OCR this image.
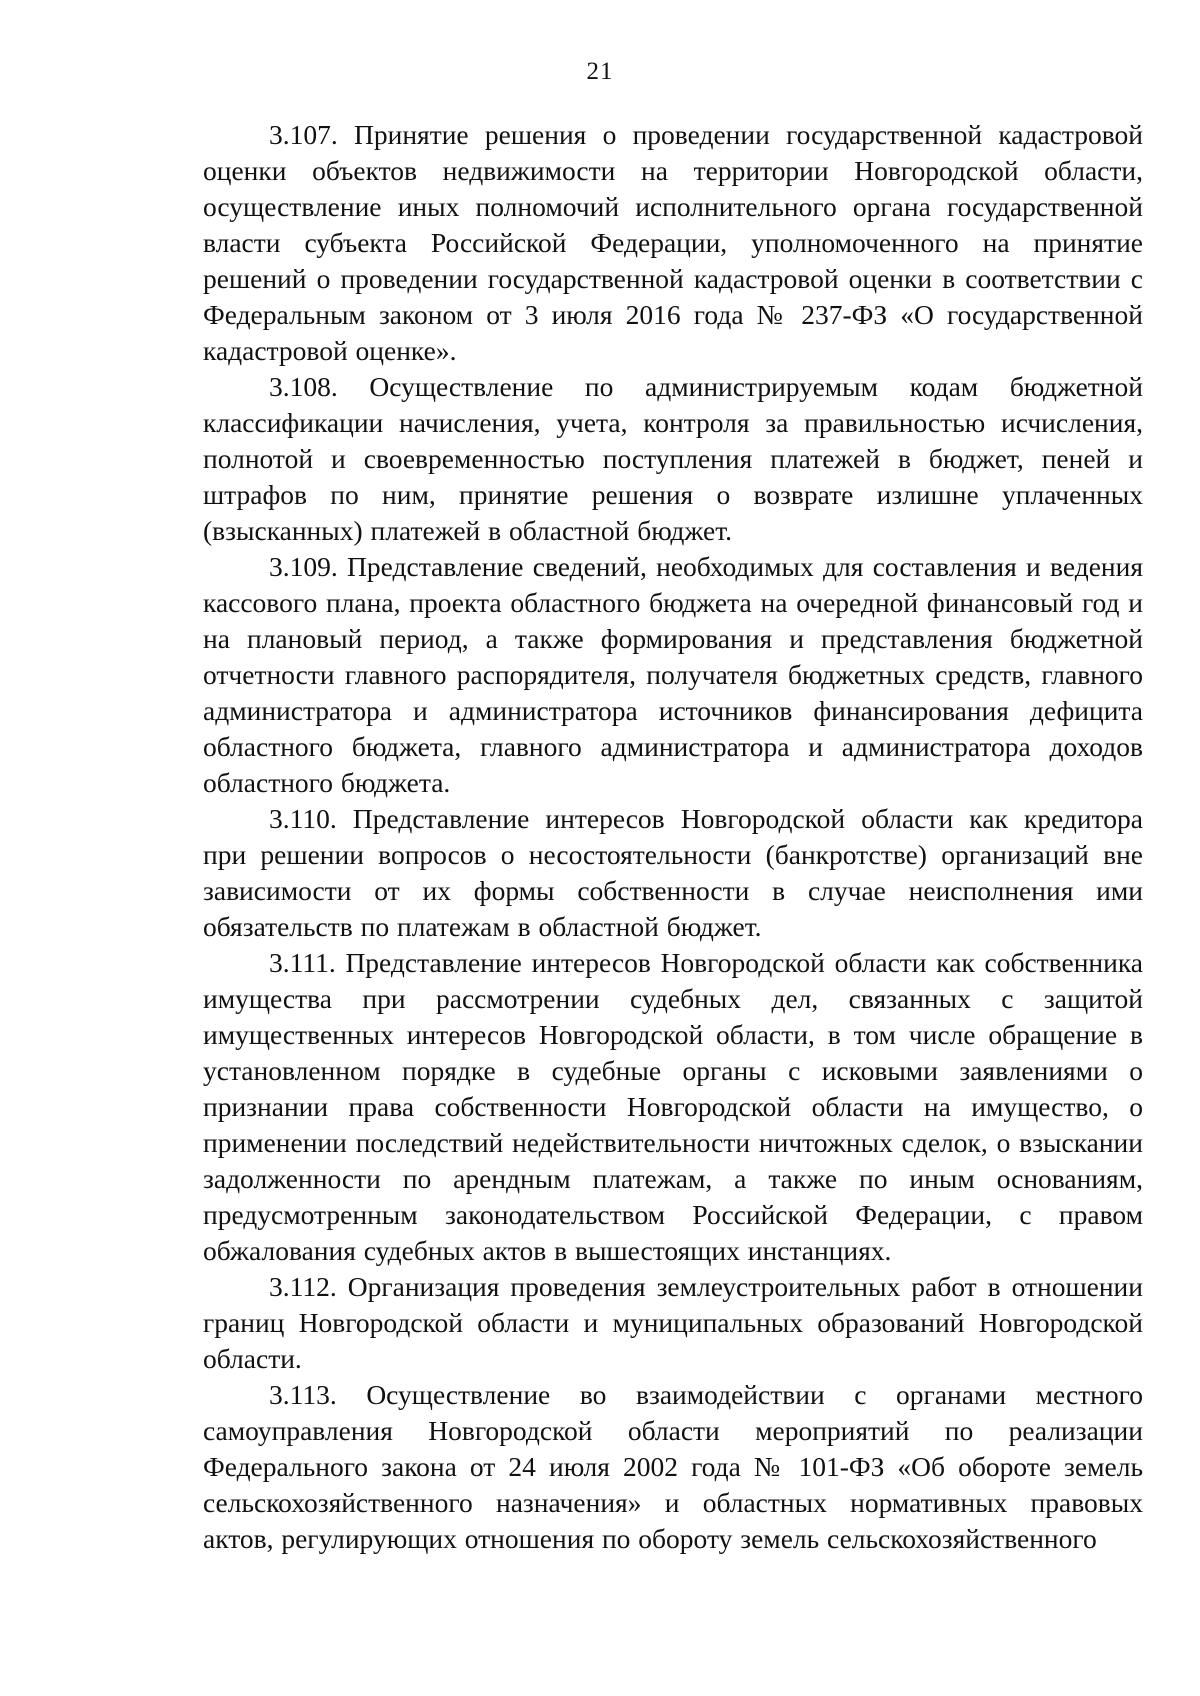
21

3.107. Принятие решения о проведении государственной кадастровой оценки объектов недвижимости на территории Новгородской области, осуществление иных полномочий исполнительного органа государственной власти субъекта Российской Федерации, уполномоченного на принятие решений о проведении государственной кадастровой оценки в соответствии с Федеральным законом от 3 июля 2016 года № 237-ФЗ «О государственной кадастровой оценке».

3.108. Осуществление по администрируемым кодам бюджетной классификации начисления, учета, контроля за правильностью исчисления, полнотой и своевременностью поступления платежей в бюджет, пеней и штрафов по ним, принятие решения о возврате излишне уплаченных (взысканных) платежей в областной бюджет.

3.109. Представление сведений, необходимых для составления и ведения кассового плана, проекта областного бюджета на очередной финансовый год и на плановый период, а также формирования и представления бюджетной отчетности главного распорядителя, получателя бюджетных средств, главного администратора и администратора источников финансирования дефицита областного бюджета, главного администратора и администратора доходов областного бюджета.

3.110. Представление интересов Новгородской области как кредитора при решении вопросов о несостоятельности (банкротстве) организаций вне зависимости от их формы собственности в случае неисполнения ими обязательств по платежам в областной бюджет.

3.111. Представление интересов Новгородской области как собственника имущества при рассмотрении судебных дел, связанных с защитой имущественных интересов Новгородской области, в том числе обращение в установленном порядке в судебные органы с исковыми заявлениями о признании права собственности Новгородской области на имущество, о применении последствий недействительности ничтожных сделок, о взыскании задолженности по арендным платежам, а также по иным основаниям, предусмотренным законодательством Российской Федерации, с правом обжалования судебных актов в вышестоящих инстанциях.

3.112. Организация проведения землеустроительных работ в отношении границ Новгородской области и муниципальных образований Новгородской области.

3.113. Осуществление во взаимодействии с органами местного самоуправления Новгородской области мероприятий по реализации Федерального закона от 24 июля 2002 года № 101-ФЗ «Об обороте земель сельскохозяйственного назначения» и областных нормативных правовых актов, регулирующих отношения по обороту земель сельскохозяйственного
